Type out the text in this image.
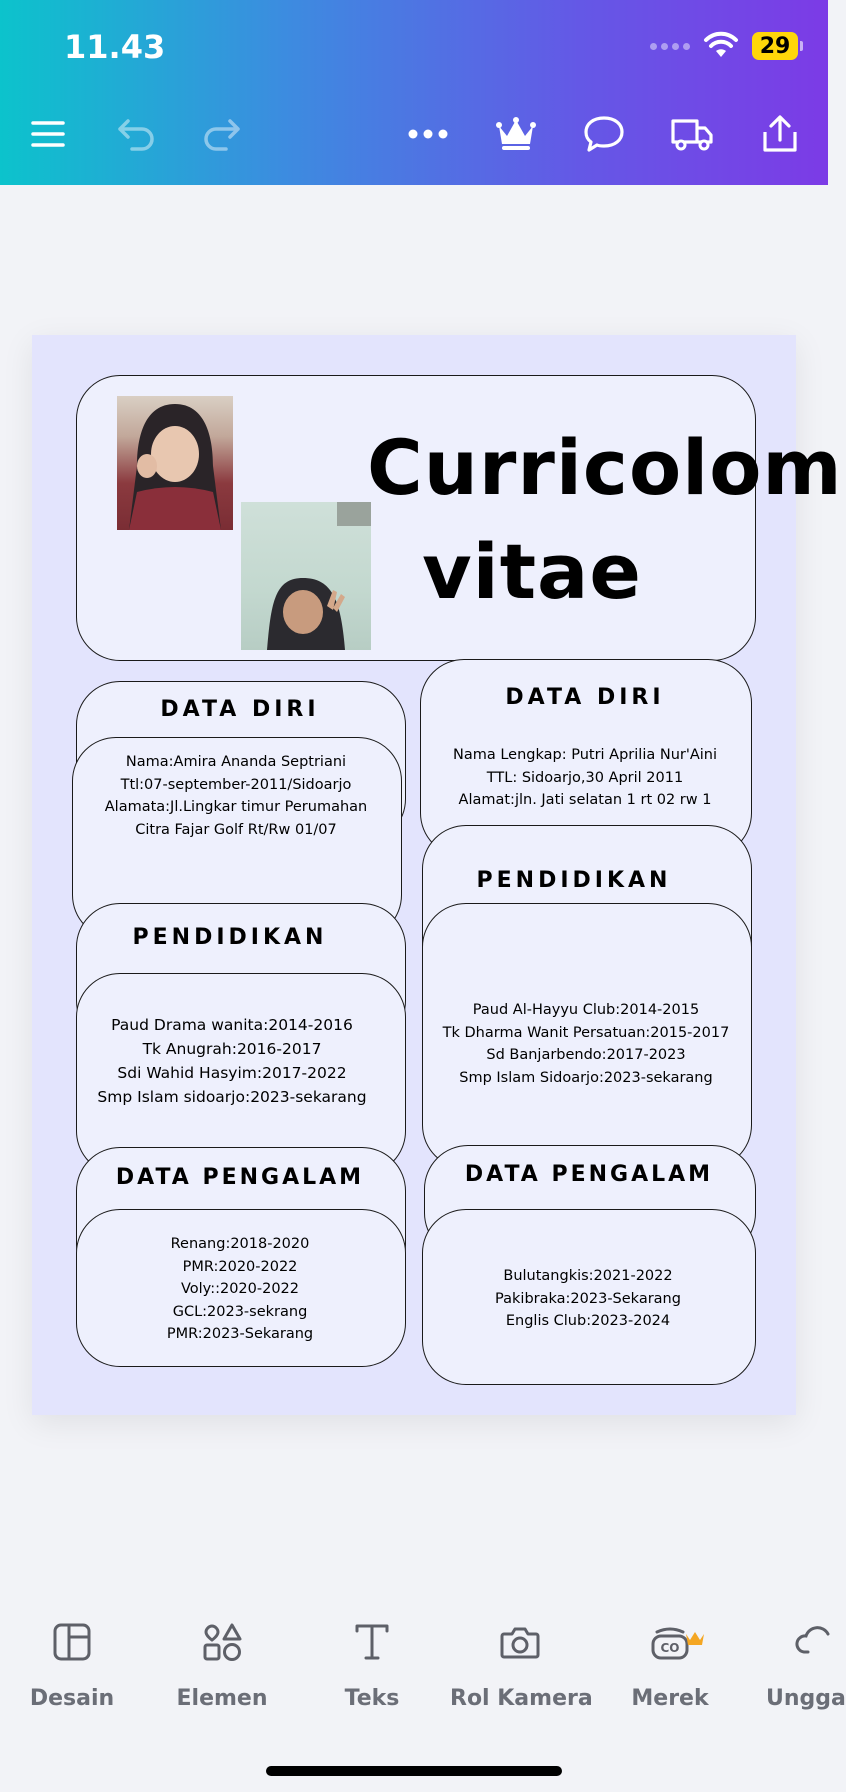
11.43	29
Curricolom
vitae
DATA DIRI
Nama:Amira Ananda Septriani
Ttl:07-september-2011/Sidoarjo
Alamata:Jl.Lingkar timur Perumahan
Citra Fajar Golf Rt/Rw 01/07
PENDIDIKAN
Paud Drama wanita:2014-2016
Tk Anugrah:2016-2017
Sdi Wahid Hasyim:2017-2022
Smp Islam sidoarjo:2023-sekarang
DATA PENGALAM
Renang:2018-2020
PMR:2020-2022
Voly::2020-2022
GCL:2023-sekrang
PMR:2023-Sekarang
DATA DIRI
Nama Lengkap: Putri Aprilia Nur'Aini
TTL: Sidoarjo,30 April 2011
Alamat:jln. Jati selatan 1 rt 02 rw 1
PENDIDIKAN
Paud Al-Hayyu Club:2014-2015
Tk Dharma Wanit Persatuan:2015-2017
Sd Banjarbendo:2017-2023
Smp Islam Sidoarjo:2023-sekarang
DATA PENGALAM
Bulutangkis:2021-2022
Pakibraka:2023-Sekarang
Englis Club:2023-2024
Desain	Elemen	Teks	Rol Kamera
CO
Merek	Ungga
